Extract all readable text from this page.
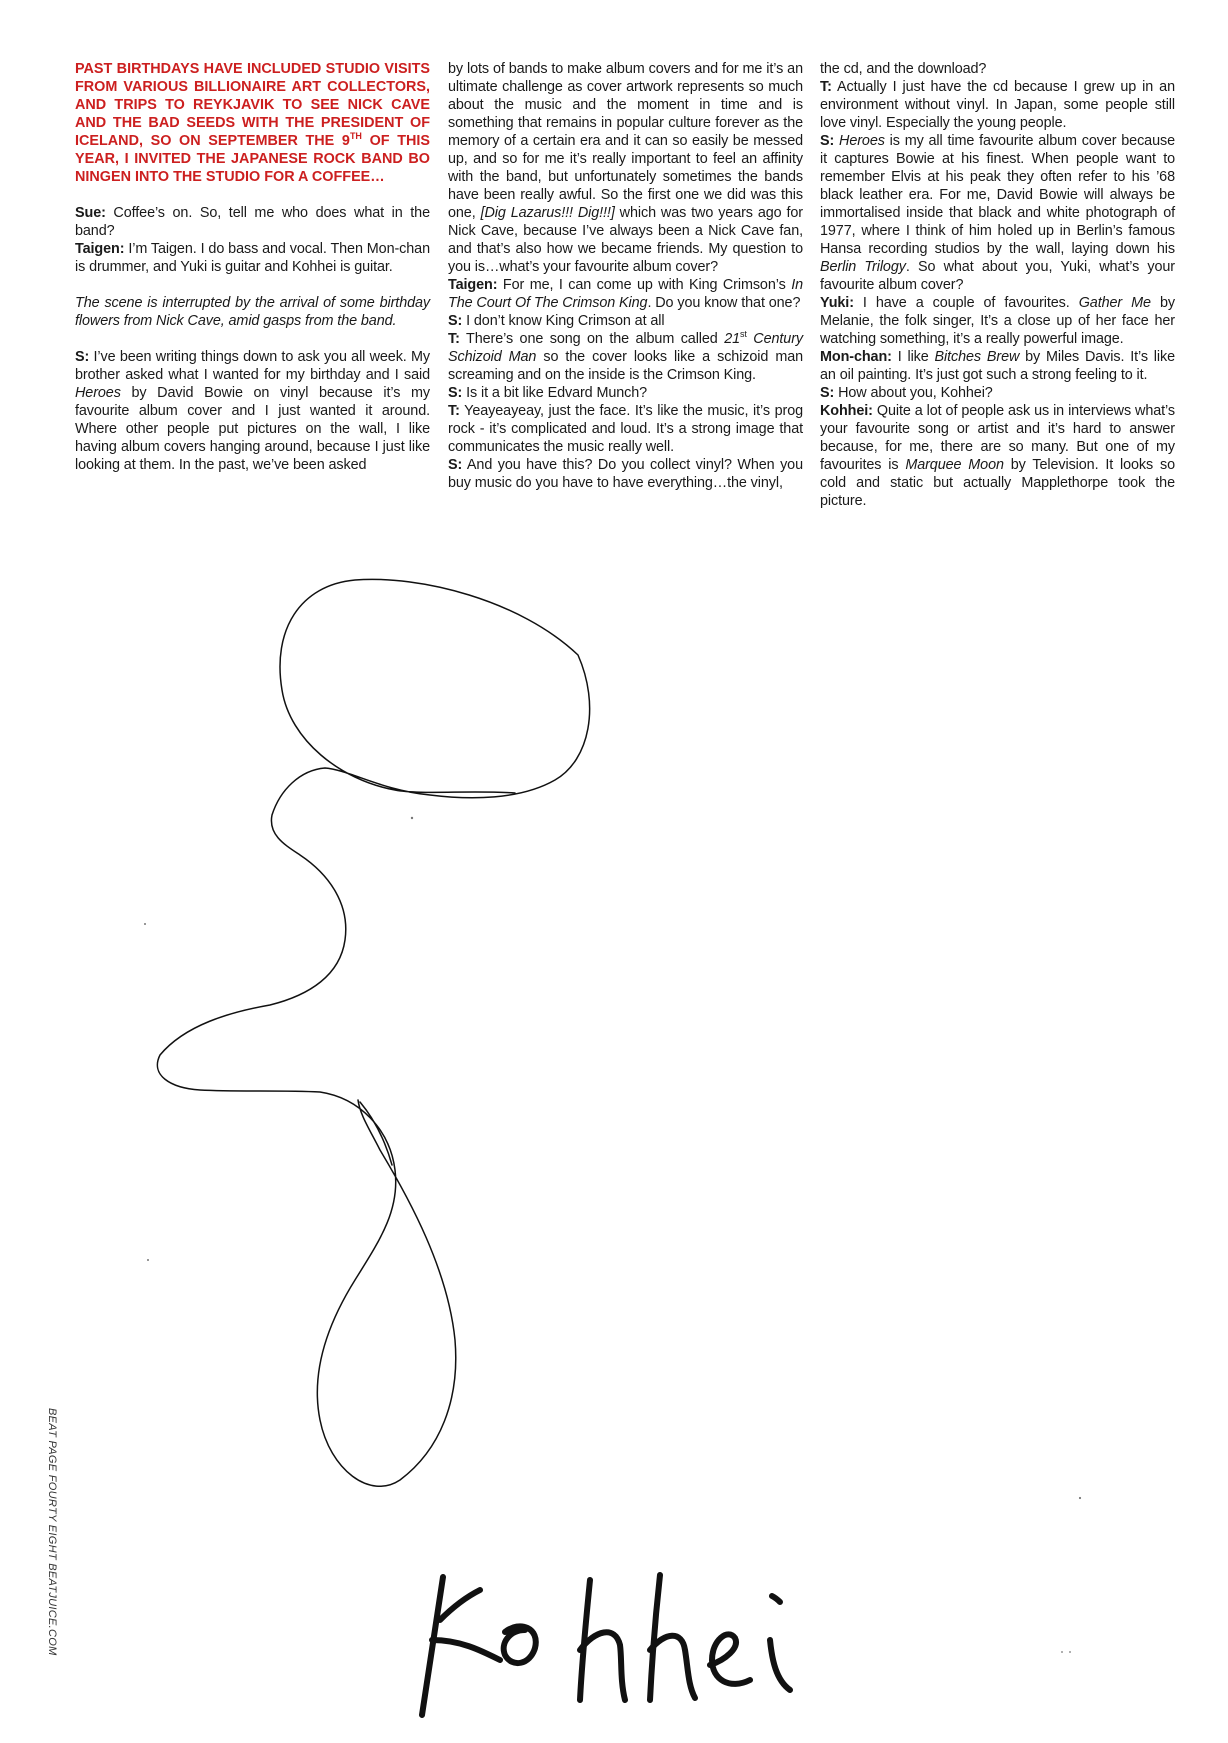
PAST BIRTHDAYS HAVE INCLUDED STUDIO VISITS FROM VARIOUS BILLIONAIRE ART COLLECTORS, AND TRIPS TO REYKJAVIK TO SEE NICK CAVE AND THE BAD SEEDS WITH THE PRESIDENT OF ICELAND, SO ON SEPTEMBER THE 9TH OF THIS YEAR, I INVITED THE JAPANESE ROCK BAND BO NINGEN INTO THE STUDIO FOR A COFFEE…

Sue: Coffee’s on. So, tell me who does what in the band?

Taigen: I’m Taigen. I do bass and vocal. Then Mon-chan is drummer, and Yuki is guitar and Kohhei is guitar.

The scene is interrupted by the arrival of some birthday flowers from Nick Cave, amid gasps from the band.

S: I’ve been writing things down to ask you all week. My brother asked what I wanted for my birthday and I said Heroes by David Bowie on vinyl because it’s my favourite album cover and I just wanted it around. Where other people put pictures on the wall, I like having album covers hanging around, because I just like looking at them. In the past, we’ve been asked

by lots of bands to make album covers and for me it’s an ultimate challenge as cover artwork represents so much about the music and the moment in time and is something that remains in popular culture forever as the memory of a certain era and it can so easily be messed up, and so for me it’s really important to feel an affinity with the band, but unfortunately sometimes the bands have been really awful. So the first one we did was this one, [Dig Lazarus!!! Dig!!!] which was two years ago for Nick Cave, because I’ve always been a Nick Cave fan, and that’s also how we became friends. My question to you is…what’s your favourite album cover?

Taigen: For me, I can come up with King Crimson’s In The Court Of The Crimson King. Do you know that one?

S: I don’t know King Crimson at all

T: There’s one song on the album called 21st Century Schizoid Man so the cover looks like a schizoid man screaming and on the inside is the Crimson King.

S: Is it a bit like Edvard Munch?

T: Yeayeayeay, just the face. It’s like the music, it’s prog rock - it’s complicated and loud. It’s a strong image that communicates the music really well.

S: And you have this? Do you collect vinyl? When you buy music do you have to have everything…the vinyl,

the cd, and the download?

T: Actually I just have the cd because I grew up in an environment without vinyl. In Japan, some people still love vinyl. Especially the young people.

S: Heroes is my all time favourite album cover because it captures Bowie at his finest. When people want to remember Elvis at his peak they often refer to his ’68 black leather era. For me, David Bowie will always be immortalised inside that black and white photograph of 1977, where I think of him holed up in Berlin’s famous Hansa recording studios by the wall, laying down his Berlin Trilogy. So what about you, Yuki, what’s your favourite album cover?

Yuki: I have a couple of favourites. Gather Me by Melanie, the folk singer, It’s a close up of her face her watching something, it’s a really powerful image.

Mon-chan: I like Bitches Brew by Miles Davis. It’s like an oil painting. It’s just got such a strong feeling to it.

S: How about you, Kohhei?

Kohhei: Quite a lot of people ask us in interviews what’s your favourite song or artist and it’s hard to answer because, for me, there are so many. But one of my favourites is Marquee Moon by Television. It looks so cold and static but actually Mapplethorpe took the picture.

BEAT PAGE FOURTY EIGHT BEATJUICE.COM
